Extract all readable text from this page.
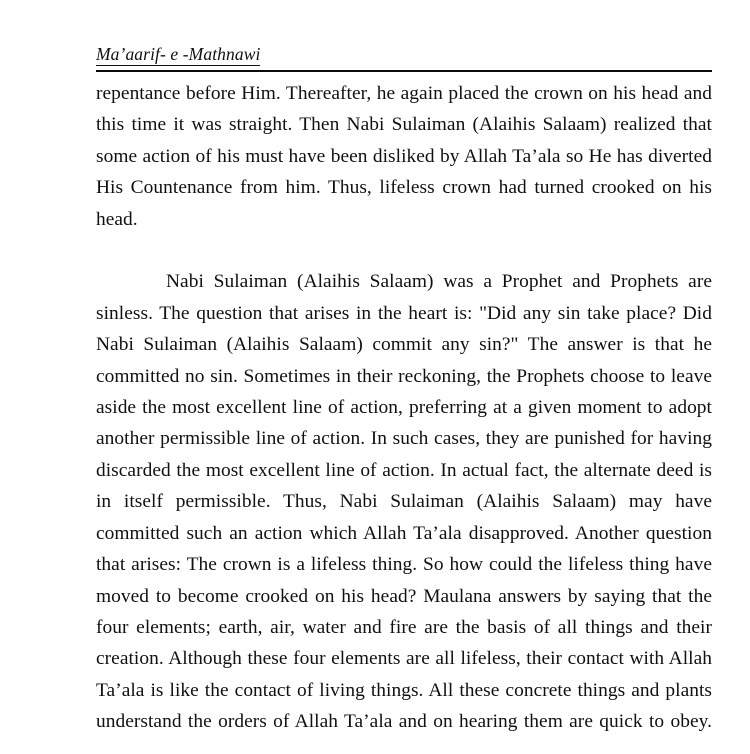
Ma’aarif- e -Mathnawi

repentance before Him. Thereafter, he again placed the crown on his head and this time it was straight. Then Nabi Sulaiman (Alaihis Salaam) realized that some action of his must have been disliked by Allah Ta’ala so He has diverted His Countenance from him. Thus, lifeless crown had turned crooked on his head.

Nabi Sulaiman (Alaihis Salaam) was a Prophet and Prophets are sinless. The question that arises in the heart is: "Did any sin take place? Did Nabi Sulaiman (Alaihis Salaam) commit any sin?" The answer is that he committed no sin. Sometimes in their reckoning, the Prophets choose to leave aside the most excellent line of action, preferring at a given moment to adopt another permissible line of action. In such cases, they are punished for having discarded the most excellent line of action. In actual fact, the alternate deed is in itself permissible. Thus, Nabi Sulaiman (Alaihis Salaam) may have committed such an action which Allah Ta’ala disapproved. Another question that arises: The crown is a lifeless thing. So how could the lifeless thing have moved to become crooked on his head? Maulana answers by saying that the four elements; earth, air, water and fire are the basis of all things and their creation. Although these four elements are all lifeless, their contact with Allah Ta’ala is like the contact of living things. All these concrete things and plants understand the orders of Allah Ta’ala and on hearing them are quick to obey.
